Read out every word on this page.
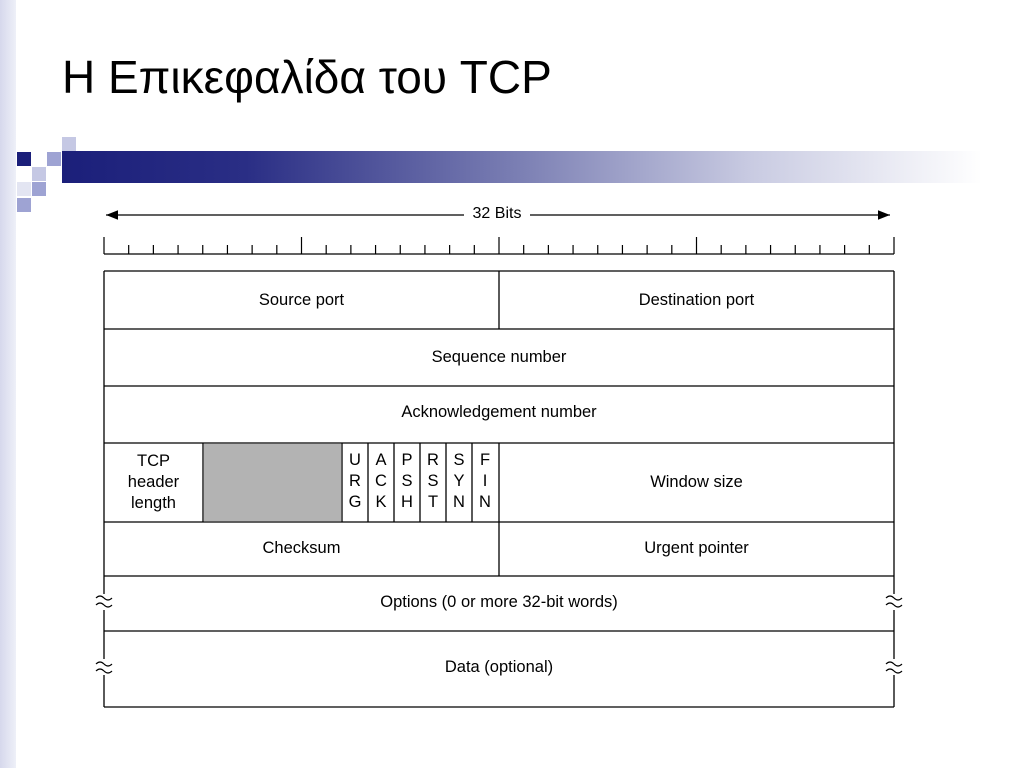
Η Επικεφαλίδα του TCP
32 Bits
Source port	Destination port
Sequence number
Acknowledgement number
TCP
header
length
U
R
G
A
C
K
P
S
H
R
S
T
S
Y
N
F
I
N
Window size
Checksum	Urgent pointer
Options (0 or more 32-bit words)
Data (optional)
